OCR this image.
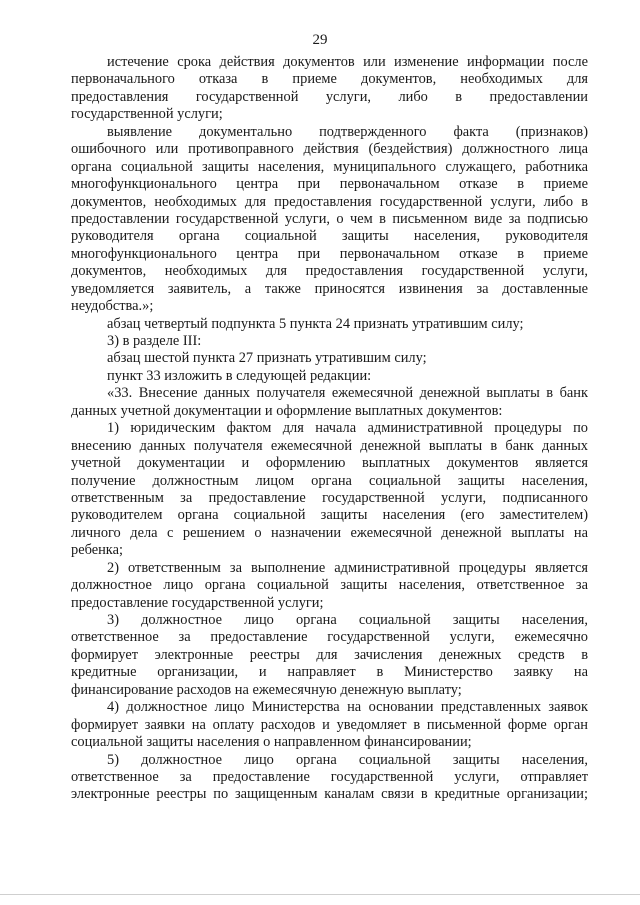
29
истечение срока действия документов или изменение информации после
первоначального отказа в приеме документов, необходимых для
предоставления государственной услуги, либо в предоставлении
государственной услуги;
выявление документально подтвержденного факта (признаков)
ошибочного или противоправного действия (бездействия) должностного лица
органа социальной защиты населения, муниципального служащего, работника
многофункционального центра при первоначальном отказе в приеме
документов, необходимых для предоставления государственной услуги, либо в
предоставлении государственной услуги, о чем в письменном виде за подписью
руководителя органа социальной защиты населения, руководителя
многофункционального центра при первоначальном отказе в приеме
документов, необходимых для предоставления государственной услуги,
уведомляется заявитель, а также приносятся извинения за доставленные
неудобства.»;
абзац четвертый подпункта 5 пункта 24 признать утратившим силу;
3) в разделе III:
абзац шестой пункта 27 признать утратившим силу;
пункт 33 изложить в следующей редакции:
«33. Внесение данных получателя ежемесячной денежной выплаты в банк
данных учетной документации и оформление выплатных документов:
1) юридическим фактом для начала административной процедуры по
внесению данных получателя ежемесячной денежной выплаты в банк данных
учетной документации и оформлению выплатных документов является
получение должностным лицом органа социальной защиты населения,
ответственным за предоставление государственной услуги, подписанного
руководителем органа социальной защиты населения (его заместителем)
личного дела с решением о назначении ежемесячной денежной выплаты на
ребенка;
2) ответственным за выполнение административной процедуры является
должностное лицо органа социальной защиты населения, ответственное за
предоставление государственной услуги;
3) должностное лицо органа социальной защиты населения,
ответственное за предоставление государственной услуги, ежемесячно
формирует электронные реестры для зачисления денежных средств в
кредитные организации, и направляет в Министерство заявку на
финансирование расходов на ежемесячную денежную выплату;
4) должностное лицо Министерства на основании представленных заявок
формирует заявки на оплату расходов и уведомляет в письменной форме орган
социальной защиты населения о направленном финансировании;
5) должностное лицо органа социальной защиты населения,
ответственное за предоставление государственной услуги, отправляет
электронные реестры по защищенным каналам связи в кредитные организации;
